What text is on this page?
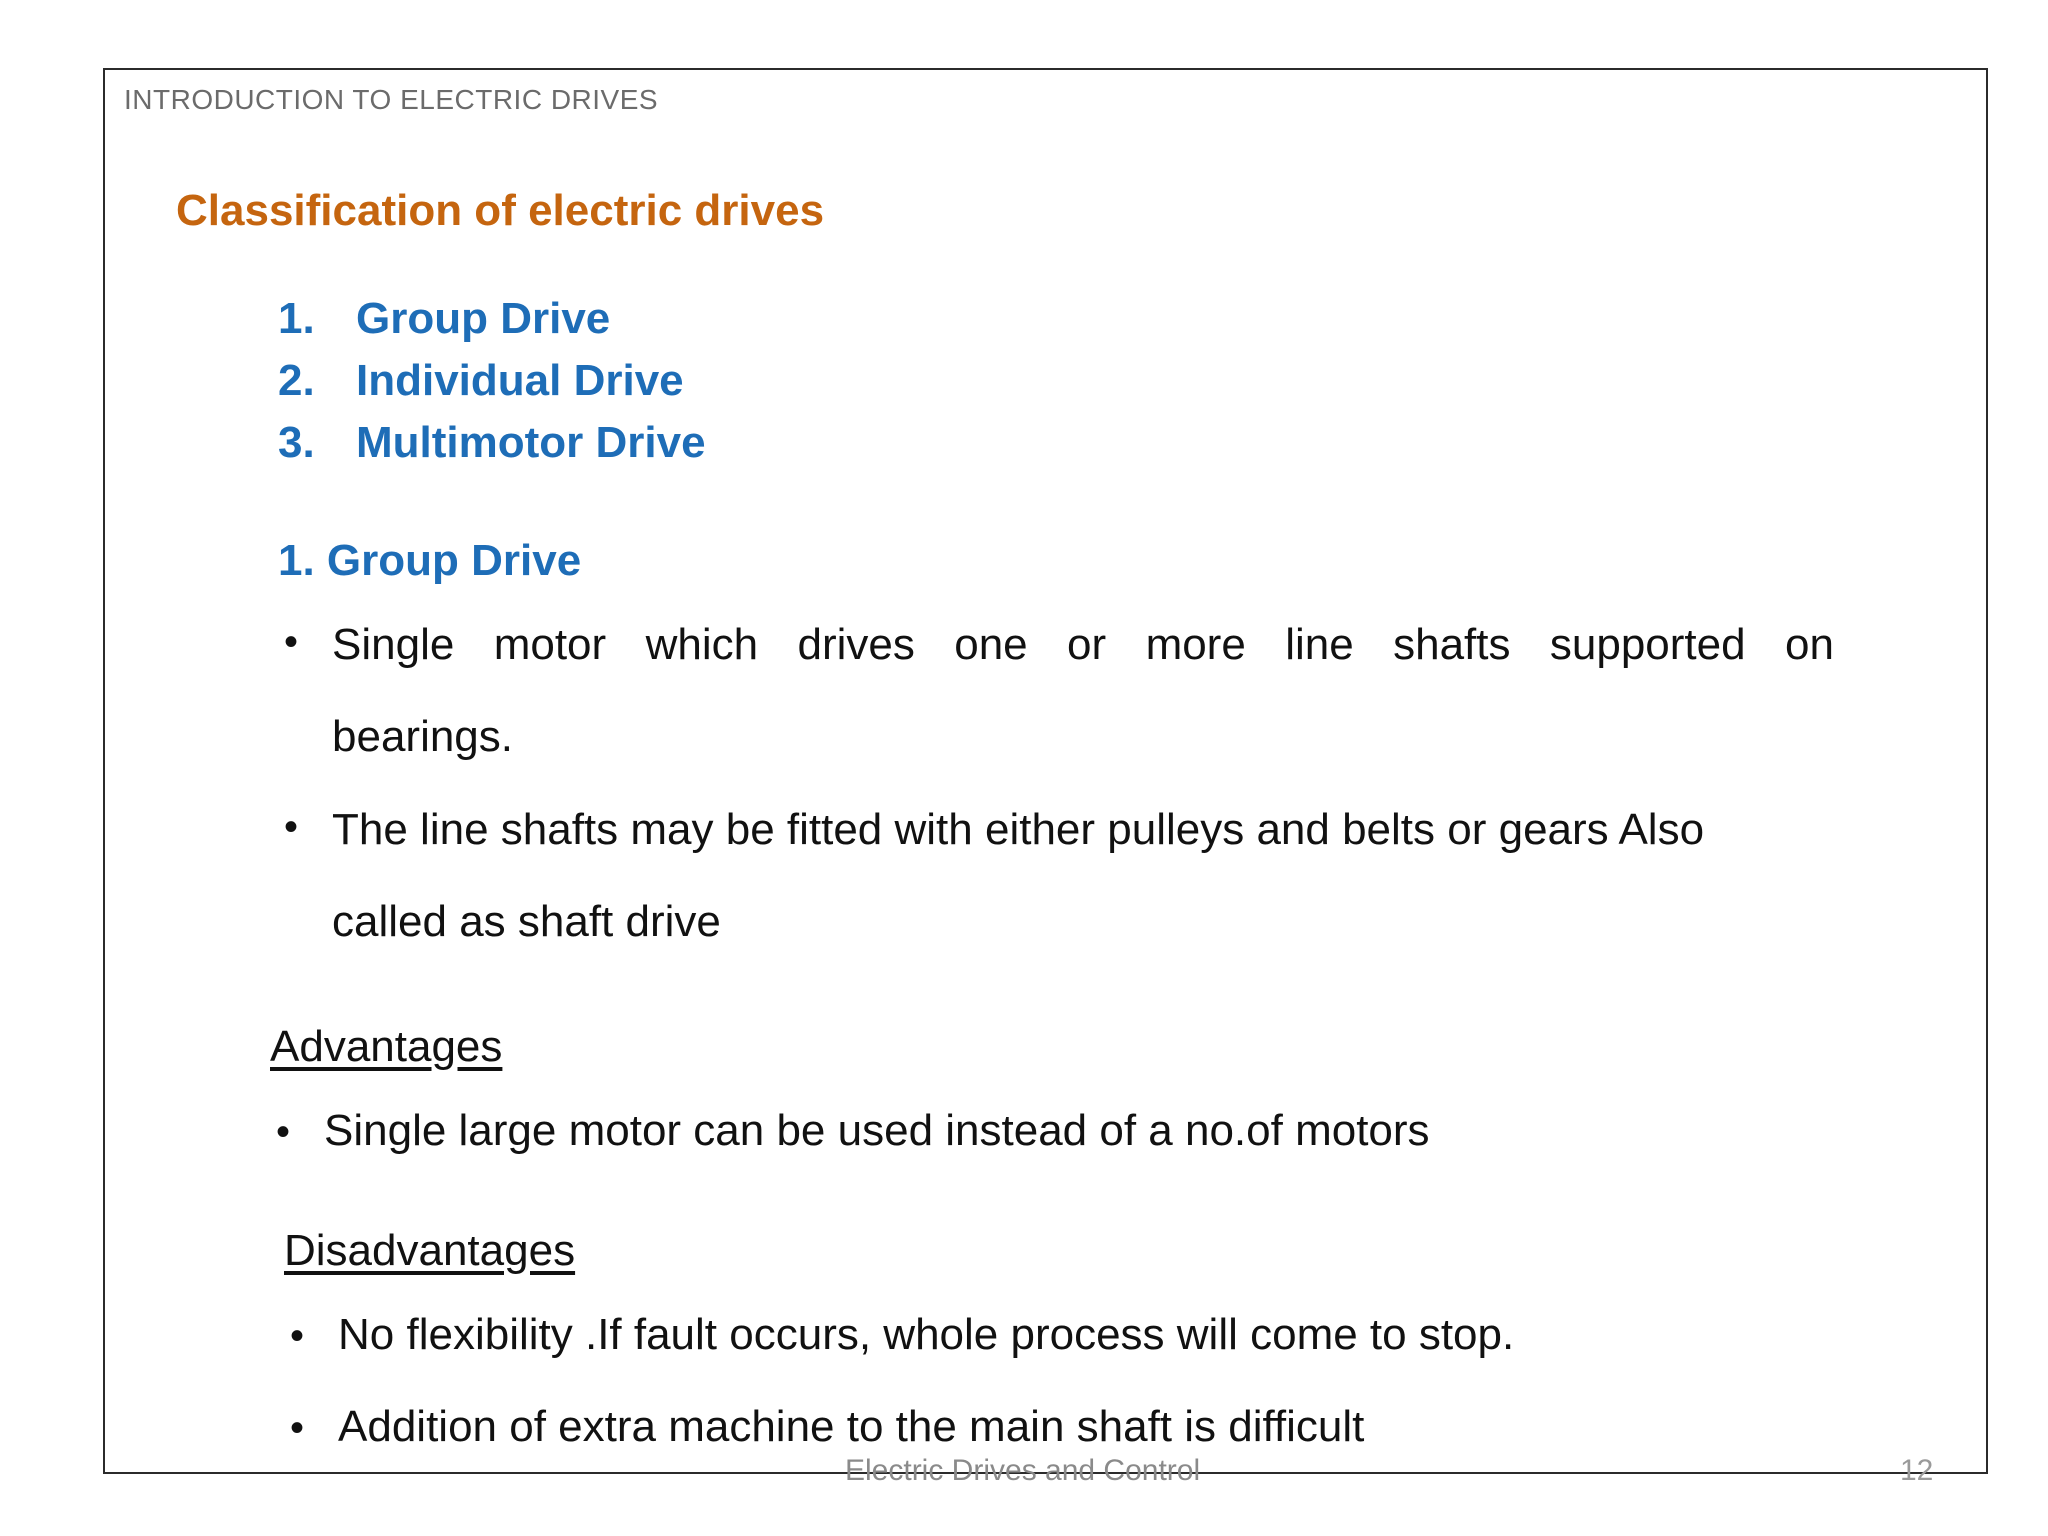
INTRODUCTION TO ELECTRIC DRIVES
Classification of electric drives
1. Group Drive
2. Individual Drive
3. Multimotor Drive
1. Group Drive
• Single motor which drives one or more line shafts supported on
bearings.
• The line shafts may be fitted with either pulleys and belts or gears Also
called as shaft drive
Advantages
• Single large motor can be used instead of a no.of motors
Disadvantages
• No flexibility .If fault occurs, whole process will come to stop.
• Addition of extra machine to the main shaft is difficult
Electric Drives and Control	12
